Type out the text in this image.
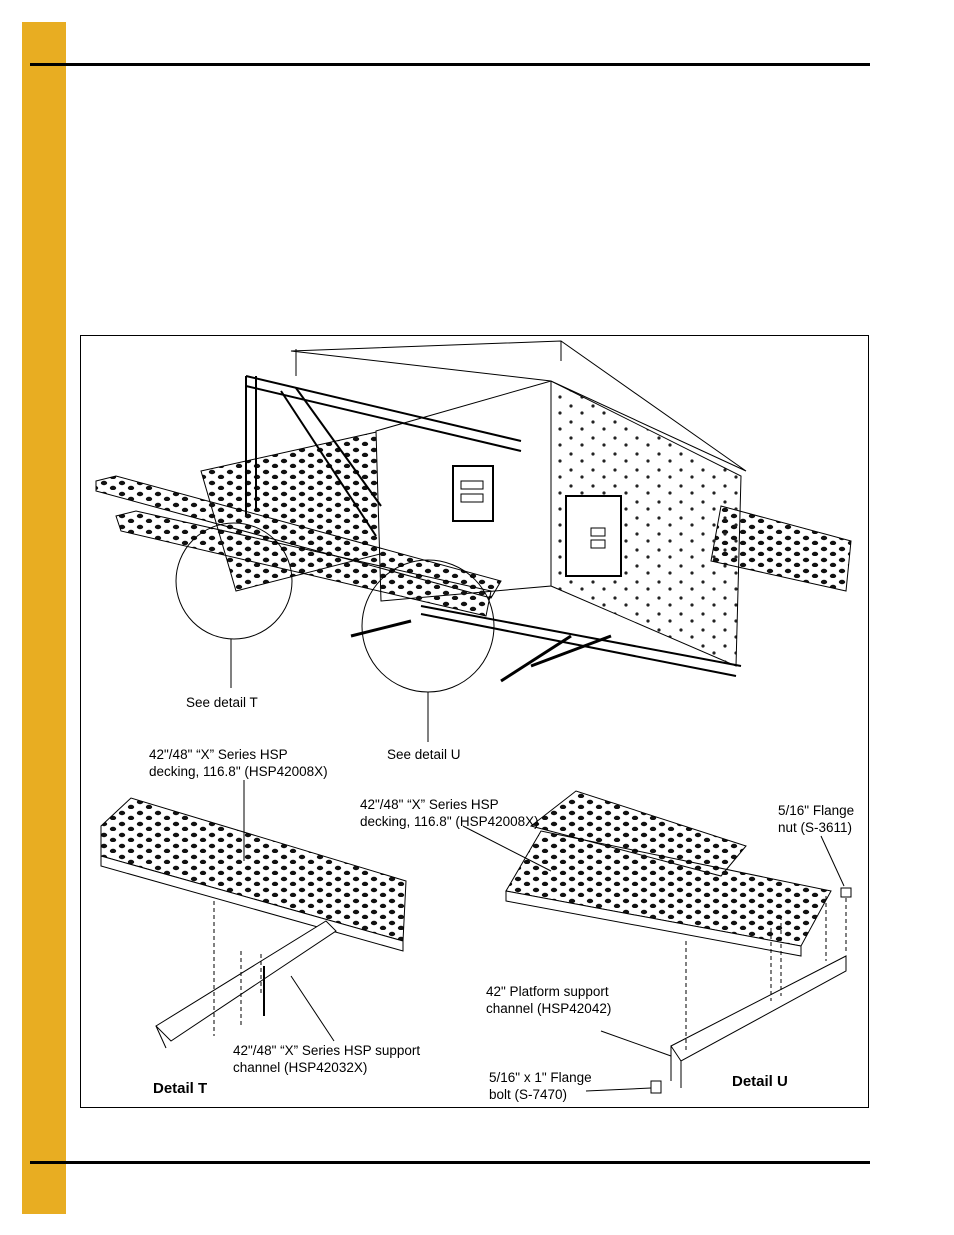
See detail T
See detail U
42"/48" “X” Series HSP
decking, 116.8" (HSP42008X)
42"/48" “X” Series HSP
decking, 116.8" (HSP42008X)
5/16" Flange
nut (S-3611)
42" Platform support
channel (HSP42042)
42"/48" “X” Series HSP support
channel (HSP42032X)
5/16" x 1" Flange
bolt (S-7470)
Detail T	Detail U
